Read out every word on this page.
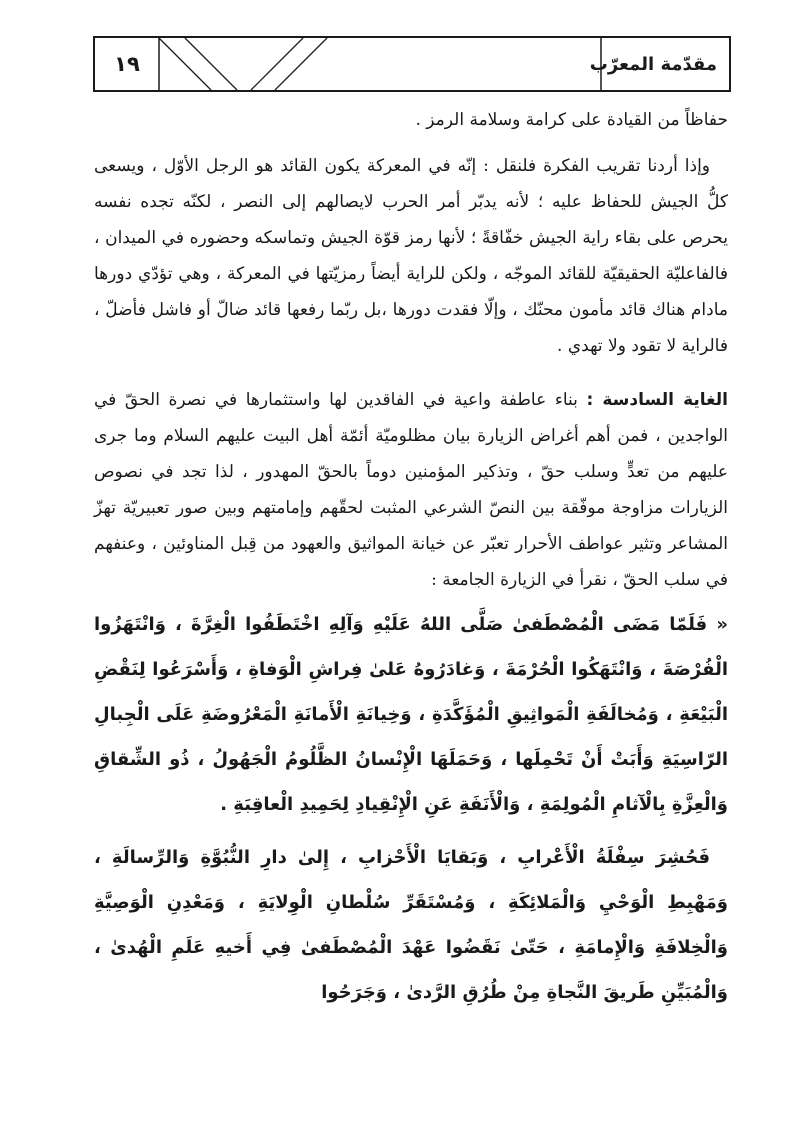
١٩	مقدّمة المعرّب

حفاظاً من القيادة على كرامة وسلامة الرمز .

وإذا أردنا تقريب الفكرة فلنقل : إنّه في المعركة يكون القائد هو الرجل الأوّل ، ويسعى كلُّ الجيش للحفاظ عليه ؛ لأنه يدبّر أمر الحرب لايصالهم إلى النصر ، لكنّه تجده نفسه يحرص على بقاء راية الجيش خفّاقةً ؛ لأنها رمز قوّة الجيش وتماسكه وحضوره في الميدان ، فالفاعليّة الحقيقيّة للقائد الموجّه ، ولكن للراية أيضاً رمزيّتها في المعركة ، وهي تؤدّي دورها مادام هناك قائد مأمون محنّك ، وإلّا فقدت دورها ،بل ربّما رفعها قائد ضالّ أو فاشل فأضلّ ، فالراية لا تقود ولا تهدي .

الغاية السادسة : بناء عاطفة واعية في الفاقدين لها واستثمارها في نصرة الحقّ في الواجدين ، فمن أهم أغراض الزيارة بيان مظلوميّة أئمّة أهل البيت عليهم السلام وما جرى عليهم من تعدٍّ وسلب حقّ ، وتذكير المؤمنين دوماً بالحقّ المهدور ، لذا تجد في نصوص الزيارات مزاوجة موفّقة بين النصّ الشرعي المثبت لحقّهم وإمامتهم وبين صور تعبيريّة تهزّ المشاعر وتثير عواطف الأحرار تعبّر عن خيانة المواثيق والعهود من قِبل المناوئين ، وعنفهم في سلب الحقّ ، نقرأ في الزيارة الجامعة :

« فَلَمّا مَضَى الْمُصْطَفىٰ صَلَّى اللهُ عَلَيْهِ وَآلِهِ اخْتَطَفُوا الْغِرَّةَ ، وَانْتَهَزُوا الْفُرْصَةَ ، وَانْتَهَكُوا الْحُرْمَةَ ، وَغادَرُوهُ عَلىٰ فِراشِ الْوَفاةِ ، وَأَسْرَعُوا لِنَقْضِ الْبَيْعَةِ ، وَمُخالَفَةِ الْمَواثِيقِ الْمُؤَكَّدَةِ ، وَخِيانَةِ الْأَمانَةِ الْمَعْرُوضَةِ عَلَى الْجِبالِ الرّاسِيَةِ وَأَبَتْ أَنْ تَحْمِلَها ، وَحَمَلَهَا الْإِنْسانُ الظَّلُومُ الْجَهُولُ ، ذُو الشِّقاقِ وَالْعِزَّةِ بِالْآثامِ الْمُولِمَةِ ، وَالْأَنَفَةِ عَنِ الْإِنْقِيادِ لِحَمِيدِ الْعاقِبَةِ .

فَحُشِرَ سِفْلَةُ الْأَعْرابِ ، وَبَقايَا الْأَحْزابِ ، إِلىٰ دارِ النُّبُوَّةِ وَالرِّسالَةِ ، وَمَهْبِطِ الْوَحْيِ وَالْمَلائِكَةِ ، وَمُسْتَقَرِّ سُلْطانِ الْوِلايَةِ ، وَمَعْدِنِ الْوَصِيَّةِ وَالْخِلافَةِ وَالْإِمامَةِ ، حَتّىٰ نَقَضُوا عَهْدَ الْمُصْطَفىٰ فِي أَخيهِ عَلَمِ الْهُدىٰ ، وَالْمُبَيِّنِ طَريقَ النَّجاةِ مِنْ طُرُقِ الرَّدىٰ ، وَجَرَحُوا
